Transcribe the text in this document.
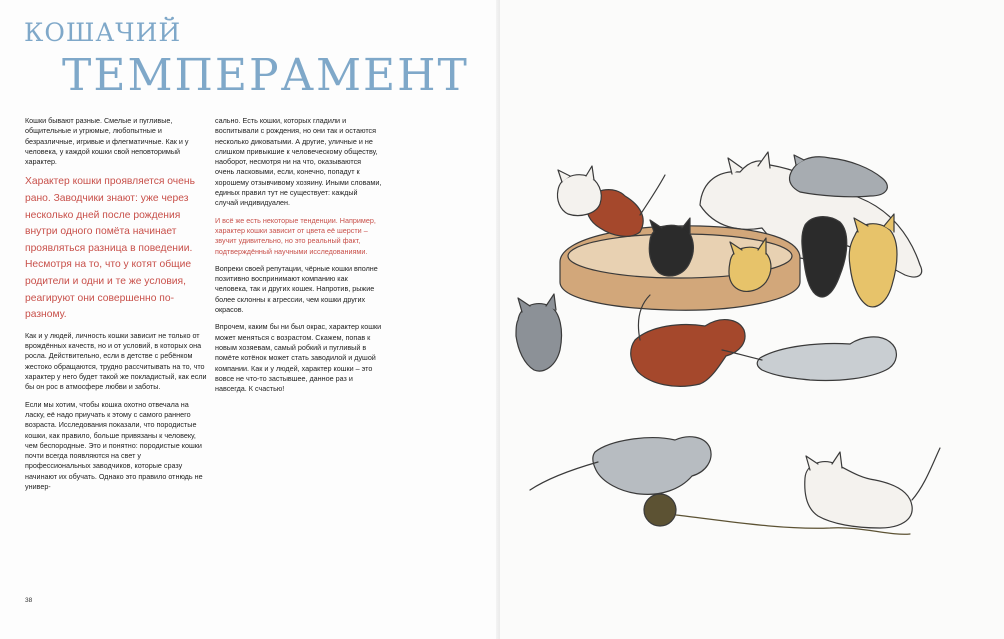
КОШАЧИЙ
ТЕМПЕРАМЕНТ

Кошки бывают разные. Смелые и пугливые, общительные и угрюмые, любопытные и безразличные, игривые и флегматичные. Как и у человека, у каждой кошки свой неповторимый характер.

Характер кошки проявляется очень рано. Заводчики знают: уже через несколько дней после рождения внутри одного помёта начинает проявляться разница в поведении. Несмотря на то, что у котят общие родители и одни и те же условия, реагируют они совершенно по-разному.

Как и у людей, личность кошки зависит не только от врождённых качеств, но и от условий, в которых она росла. Действительно, если в детстве с ребёнком жестоко обращаются, трудно рассчитывать на то, что характер у него будет такой же покладистый, как если бы он рос в атмосфере любви и заботы.

Если мы хотим, чтобы кошка охотно отвечала на ласку, её надо приучать к этому с самого раннего возраста. Исследования показали, что породистые кошки, как правило, больше привязаны к человеку, чем беспородные. Это и понятно: породистые кошки почти всегда появляются на свет у профессиональных заводчиков, которые сразу начинают их обучать. Однако это правило отнюдь не универ-

сально. Есть кошки, которых гладили и воспитывали с рождения, но они так и остаются несколько диковатыми. А другие, уличные и не слишком привыкшие к человеческому обществу, наоборот, несмотря ни на что, оказываются очень ласковыми, если, конечно, попадут к хорошему отзывчивому хозяину. Иными словами, единых правил тут не существует: каждый случай индивидуален.

И всё же есть некоторые тенденции. Например, характер кошки зависит от цвета её шерсти – звучит удивительно, но это реальный факт, подтверждённый научными исследованиями.

Вопреки своей репутации, чёрные кошки вполне позитивно воспринимают компанию как человека, так и других кошек. Напротив, рыжие более склонны к агрессии, чем кошки других окрасов.

Впрочем, каким бы ни был окрас, характер кошки может меняться с возрастом. Скажем, попав к новым хозяевам, самый робкий и пугливый в помёте котёнок может стать заводилой и душой компании. Как и у людей, характер кошки – это вовсе не что-то застывшее, данное раз и навсегда. К счастью!

38
